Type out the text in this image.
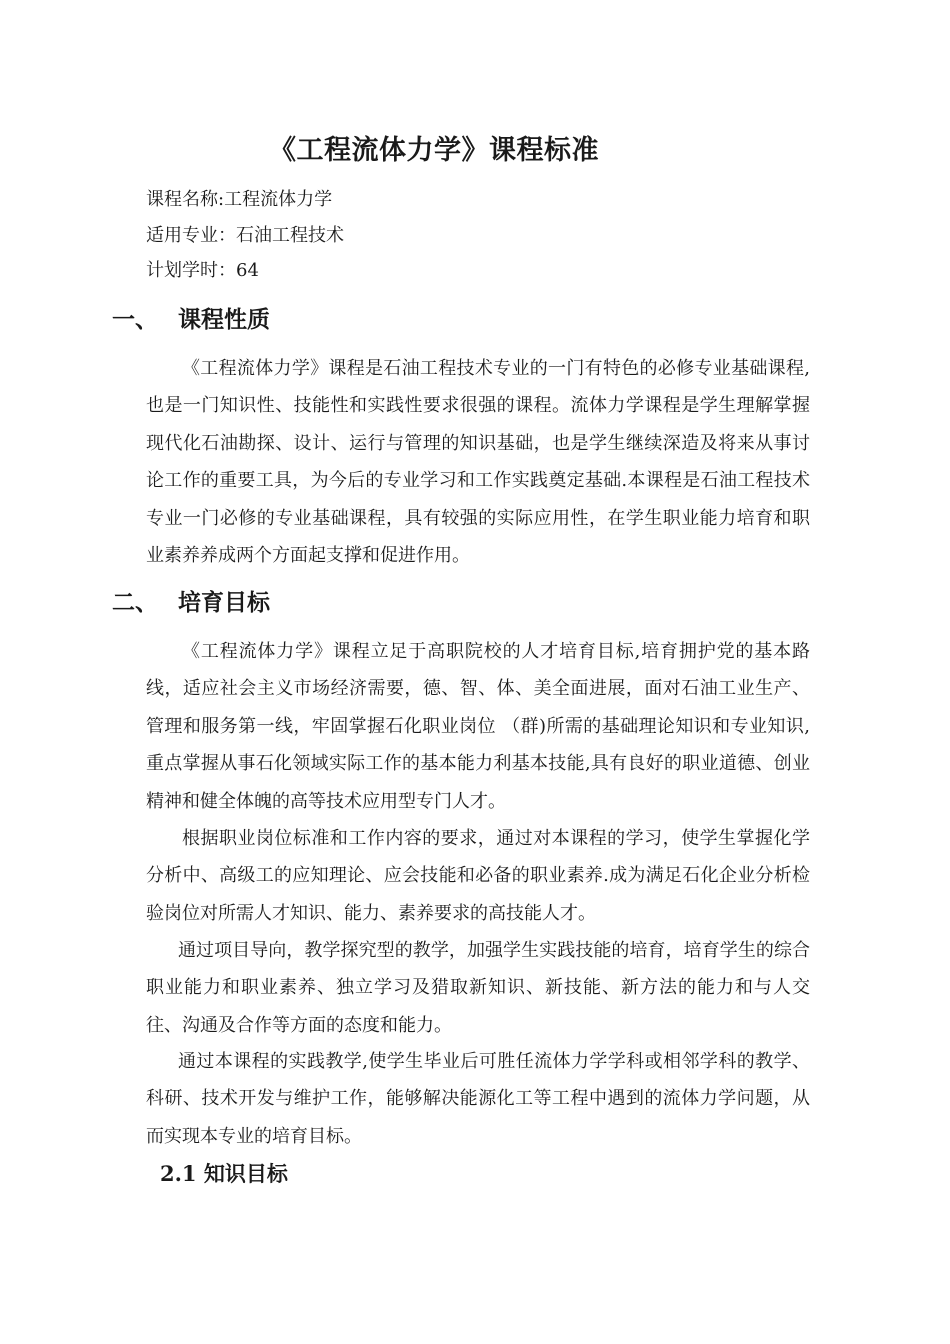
《工程流体力学》课程标准
课程名称:工程流体力学
适用专业：石油工程技术
计划学时：64
一、 课程性质
《工程流体力学》课程是石油工程技术专业的一门有特色的必修专业基础课程,也是一门知识性、技能性和实践性要求很强的课程。流体力学课程是学生理解掌握现代化石油勘探、设计、运行与管理的知识基础，也是学生继续深造及将来从事讨论工作的重要工具，为今后的专业学习和工作实践奠定基础.本课程是石油工程技术专业一门必修的专业基础课程，具有较强的实际应用性，在学生职业能力培育和职业素养养成两个方面起支撑和促进作用。
二、 培育目标
《工程流体力学》课程立足于高职院校的人才培育目标,培育拥护党的基本路线，适应社会主义市场经济需要，德、智、体、美全面进展，面对石油工业生产、管理和服务第一线，牢固掌握石化职业岗位 （群)所需的基础理论知识和专业知识,重点掌握从事石化领域实际工作的基本能力利基本技能,具有良好的职业道德、创业精神和健全体魄的高等技术应用型专门人才。
根据职业岗位标准和工作内容的要求，通过对本课程的学习，使学生掌握化学分析中、高级工的应知理论、应会技能和必备的职业素养.成为满足石化企业分析检验岗位对所需人才知识、能力、素养要求的高技能人才。
通过项目导向，教学探究型的教学，加强学生实践技能的培育，培育学生的综合职业能力和职业素养、独立学习及猎取新知识、新技能、新方法的能力和与人交往、沟通及合作等方面的态度和能力。
通过本课程的实践教学,使学生毕业后可胜任流体力学学科或相邻学科的教学、科研、技术开发与维护工作，能够解决能源化工等工程中遇到的流体力学问题，从而实现本专业的培育目标。
2.1 知识目标
